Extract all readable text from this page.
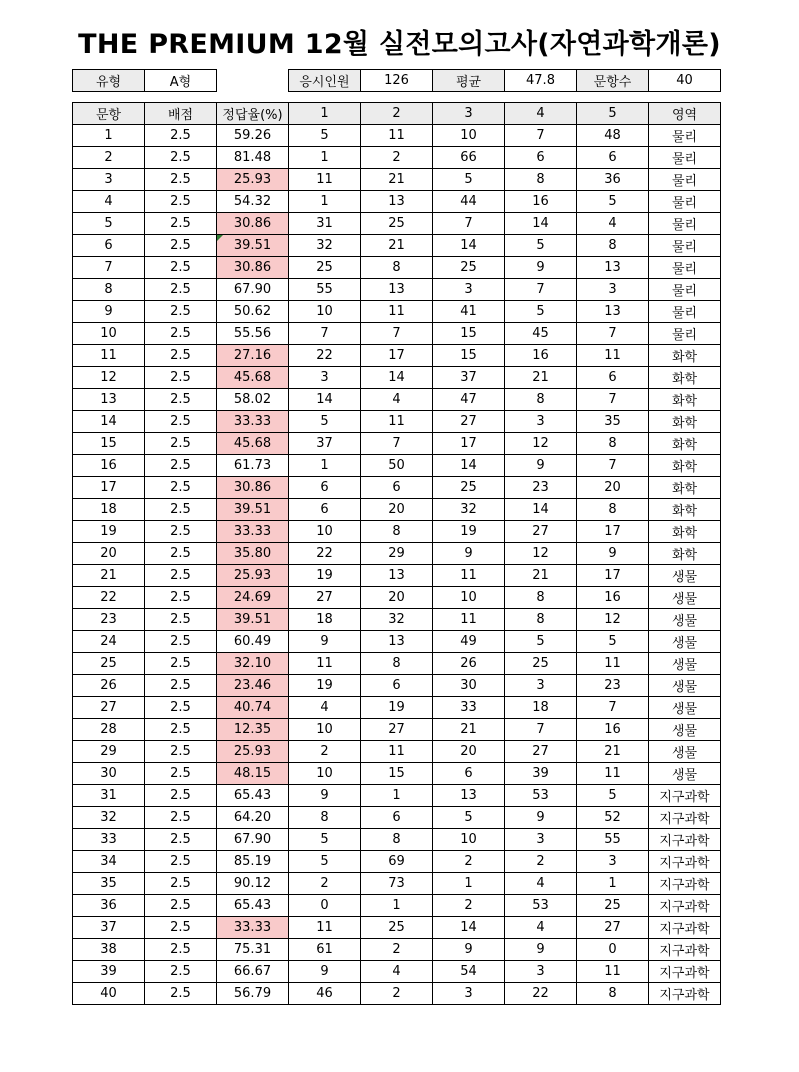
THE PREMIUM 12월 실전모의고사(자연과학개론)
유형	A형		응시인원	126	평균	47.8	문항수	40
문항	배점	정답율(%)	1	2	3	4	5	영역
1	2.5	59.26	5	11	10	7	48	물리
2	2.5	81.48	1	2	66	6	6	물리
3	2.5	25.93	11	21	5	8	36	물리
4	2.5	54.32	1	13	44	16	5	물리
5	2.5	30.86	31	25	7	14	4	물리
6	2.5	39.51	32	21	14	5	8	물리
7	2.5	30.86	25	8	25	9	13	물리
8	2.5	67.90	55	13	3	7	3	물리
9	2.5	50.62	10	11	41	5	13	물리
10	2.5	55.56	7	7	15	45	7	물리
11	2.5	27.16	22	17	15	16	11	화학
12	2.5	45.68	3	14	37	21	6	화학
13	2.5	58.02	14	4	47	8	7	화학
14	2.5	33.33	5	11	27	3	35	화학
15	2.5	45.68	37	7	17	12	8	화학
16	2.5	61.73	1	50	14	9	7	화학
17	2.5	30.86	6	6	25	23	20	화학
18	2.5	39.51	6	20	32	14	8	화학
19	2.5	33.33	10	8	19	27	17	화학
20	2.5	35.80	22	29	9	12	9	화학
21	2.5	25.93	19	13	11	21	17	생물
22	2.5	24.69	27	20	10	8	16	생물
23	2.5	39.51	18	32	11	8	12	생물
24	2.5	60.49	9	13	49	5	5	생물
25	2.5	32.10	11	8	26	25	11	생물
26	2.5	23.46	19	6	30	3	23	생물
27	2.5	40.74	4	19	33	18	7	생물
28	2.5	12.35	10	27	21	7	16	생물
29	2.5	25.93	2	11	20	27	21	생물
30	2.5	48.15	10	15	6	39	11	생물
31	2.5	65.43	9	1	13	53	5	지구과학
32	2.5	64.20	8	6	5	9	52	지구과학
33	2.5	67.90	5	8	10	3	55	지구과학
34	2.5	85.19	5	69	2	2	3	지구과학
35	2.5	90.12	2	73	1	4	1	지구과학
36	2.5	65.43	0	1	2	53	25	지구과학
37	2.5	33.33	11	25	14	4	27	지구과학
38	2.5	75.31	61	2	9	9	0	지구과학
39	2.5	66.67	9	4	54	3	11	지구과학
40	2.5	56.79	46	2	3	22	8	지구과학
